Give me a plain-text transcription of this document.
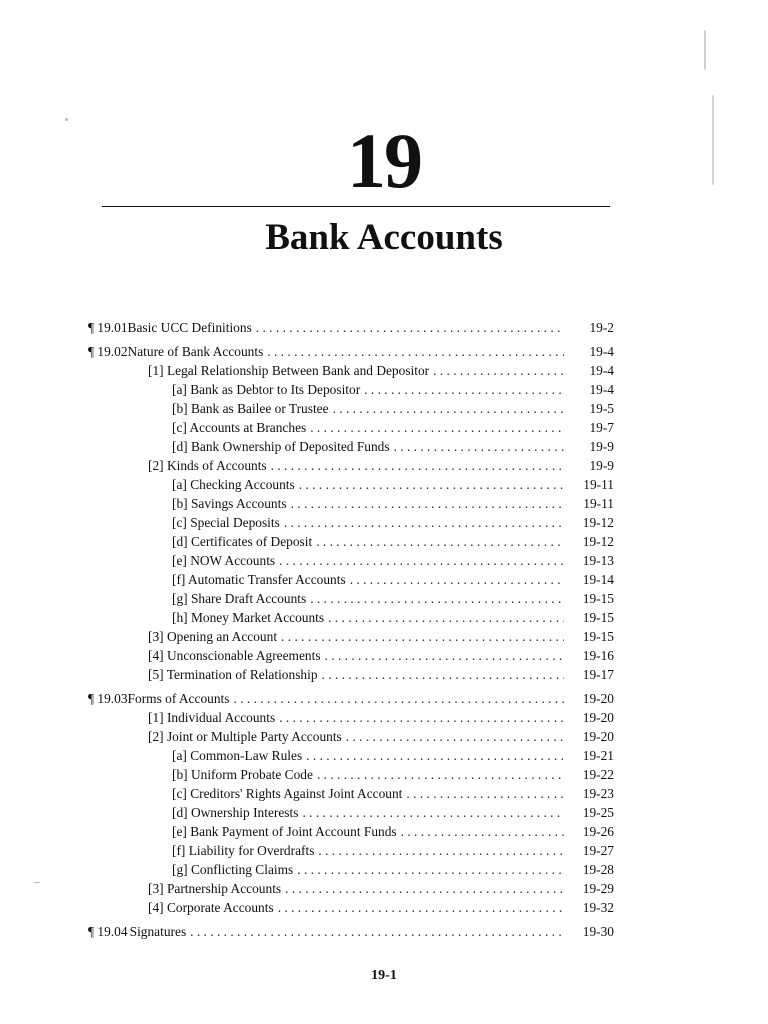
19
Bank Accounts
¶ 19.01 Basic UCC Definitions . . .	19-2
¶ 19.02 Nature of Bank Accounts . . .	19-4
[1] Legal Relationship Between Bank and Depositor . . .	19-4
[a] Bank as Debtor to Its Depositor . . .	19-4
[b] Bank as Bailee or Trustee . . .	19-5
[c] Accounts at Branches . . .	19-7
[d] Bank Ownership of Deposited Funds . . .	19-9
[2] Kinds of Accounts . . .	19-9
[a] Checking Accounts . . .	19-11
[b] Savings Accounts . . .	19-11
[c] Special Deposits . . .	19-12
[d] Certificates of Deposit . . .	19-12
[e] NOW Accounts . . .	19-13
[f] Automatic Transfer Accounts . . .	19-14
[g] Share Draft Accounts . . .	19-15
[h] Money Market Accounts . . .	19-15
[3] Opening an Account . . .	19-15
[4] Unconscionable Agreements . . .	19-16
[5] Termination of Relationship . . .	19-17
¶ 19.03 Forms of Accounts . . .	19-20
[1] Individual Accounts . . .	19-20
[2] Joint or Multiple Party Accounts . . .	19-20
[a] Common-Law Rules . . .	19-21
[b] Uniform Probate Code . . .	19-22
[c] Creditors' Rights Against Joint Account . . .	19-23
[d] Ownership Interests . . .	19-25
[e] Bank Payment of Joint Account Funds . . .	19-26
[f] Liability for Overdrafts . . .	19-27
[g] Conflicting Claims . . .	19-28
[3] Partnership Accounts . . .	19-29
[4] Corporate Accounts . . .	19-32
¶ 19.04 Signatures . . .	19-30
19-1
